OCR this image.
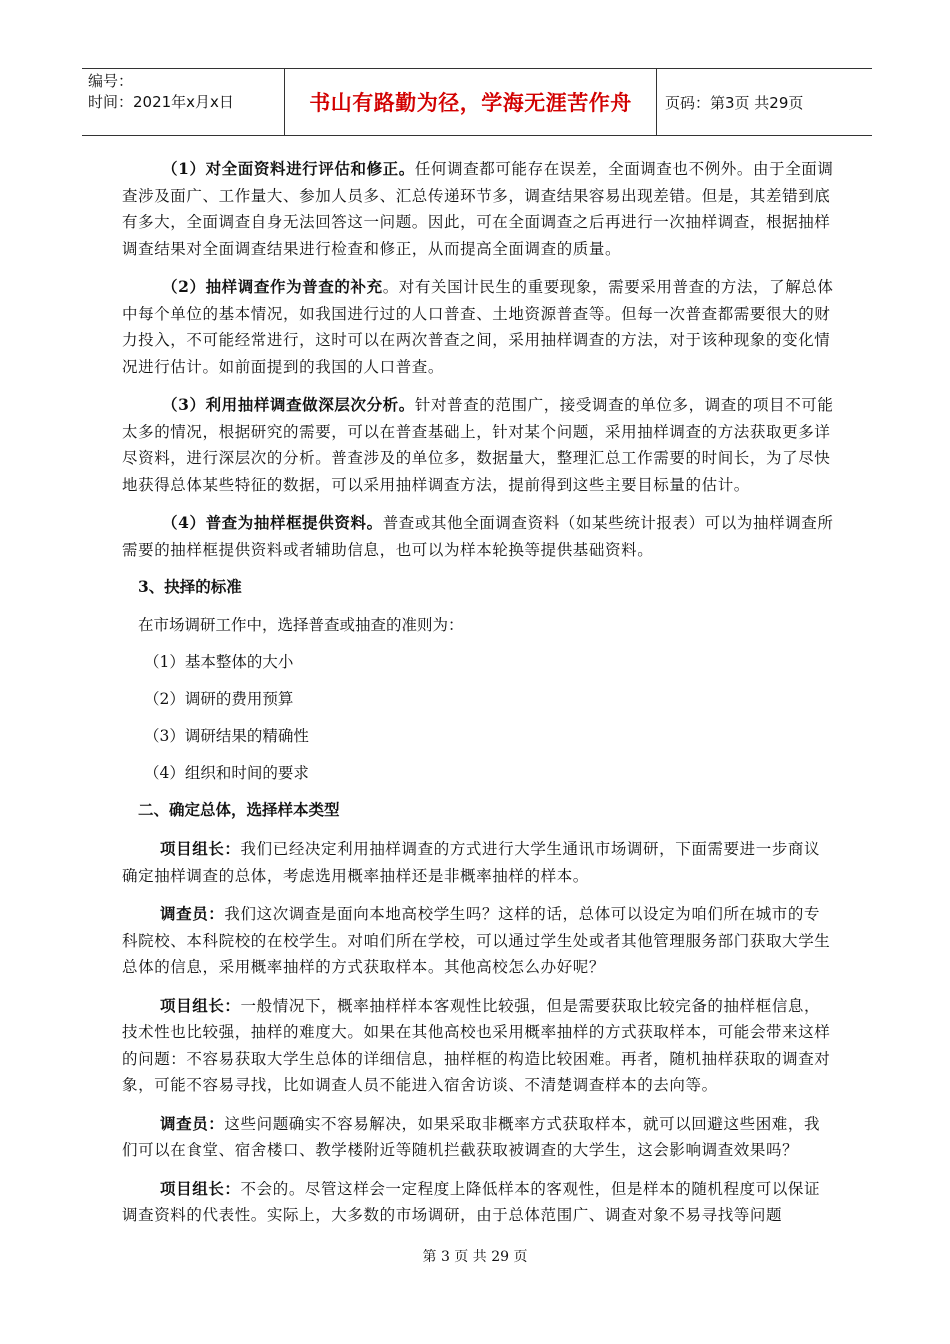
编号：
时间：2021年x月x日	书山有路勤为径，学海无涯苦作舟	页码：第3页 共29页

（1）对全面资料进行评估和修正。任何调查都可能存在误差，全面调查也不例外。由于全面调查涉及面广、工作量大、参加人员多、汇总传递环节多，调查结果容易出现差错。但是，其差错到底有多大，全面调查自身无法回答这一问题。因此，可在全面调查之后再进行一次抽样调查，根据抽样调查结果对全面调查结果进行检查和修正，从而提高全面调查的质量。

（2）抽样调查作为普查的补充。对有关国计民生的重要现象，需要采用普查的方法，了解总体中每个单位的基本情况，如我国进行过的人口普查、土地资源普查等。但每一次普查都需要很大的财力投入，不可能经常进行，这时可以在两次普查之间，采用抽样调查的方法，对于该种现象的变化情况进行估计。如前面提到的我国的人口普查。

（3）利用抽样调查做深层次分析。针对普查的范围广，接受调查的单位多，调查的项目不可能太多的情况，根据研究的需要，可以在普查基础上，针对某个问题，采用抽样调查的方法获取更多详尽资料，进行深层次的分析。普查涉及的单位多，数据量大，整理汇总工作需要的时间长，为了尽快地获得总体某些特征的数据，可以采用抽样调查方法，提前得到这些主要目标量的估计。

（4）普查为抽样框提供资料。普查或其他全面调查资料（如某些统计报表）可以为抽样调查所需要的抽样框提供资料或者辅助信息，也可以为样本轮换等提供基础资料。

3、抉择的标准
在市场调研工作中，选择普查或抽查的准则为：
（1）基本整体的大小
（2）调研的费用预算
（3）调研结果的精确性
（4）组织和时间的要求
二、确定总体，选择样本类型

项目组长：我们已经决定利用抽样调查的方式进行大学生通讯市场调研，下面需要进一步商议确定抽样调查的总体，考虑选用概率抽样还是非概率抽样的样本。

调查员：我们这次调查是面向本地高校学生吗？这样的话，总体可以设定为咱们所在城市的专科院校、本科院校的在校学生。对咱们所在学校，可以通过学生处或者其他管理服务部门获取大学生总体的信息，采用概率抽样的方式获取样本。其他高校怎么办好呢？

项目组长：一般情况下，概率抽样样本客观性比较强，但是需要获取比较完备的抽样框信息，技术性也比较强，抽样的难度大。如果在其他高校也采用概率抽样的方式获取样本，可能会带来这样的问题：不容易获取大学生总体的详细信息，抽样框的构造比较困难。再者，随机抽样获取的调查对象，可能不容易寻找，比如调查人员不能进入宿舍访谈、不清楚调查样本的去向等。

调查员：这些问题确实不容易解决，如果采取非概率方式获取样本，就可以回避这些困难，我们可以在食堂、宿舍楼口、教学楼附近等随机拦截获取被调查的大学生，这会影响调查效果吗？

项目组长：不会的。尽管这样会一定程度上降低样本的客观性，但是样本的随机程度可以保证调查资料的代表性。实际上，大多数的市场调研，由于总体范围广、调查对象不易寻找等问题

第 3 页 共 29 页
